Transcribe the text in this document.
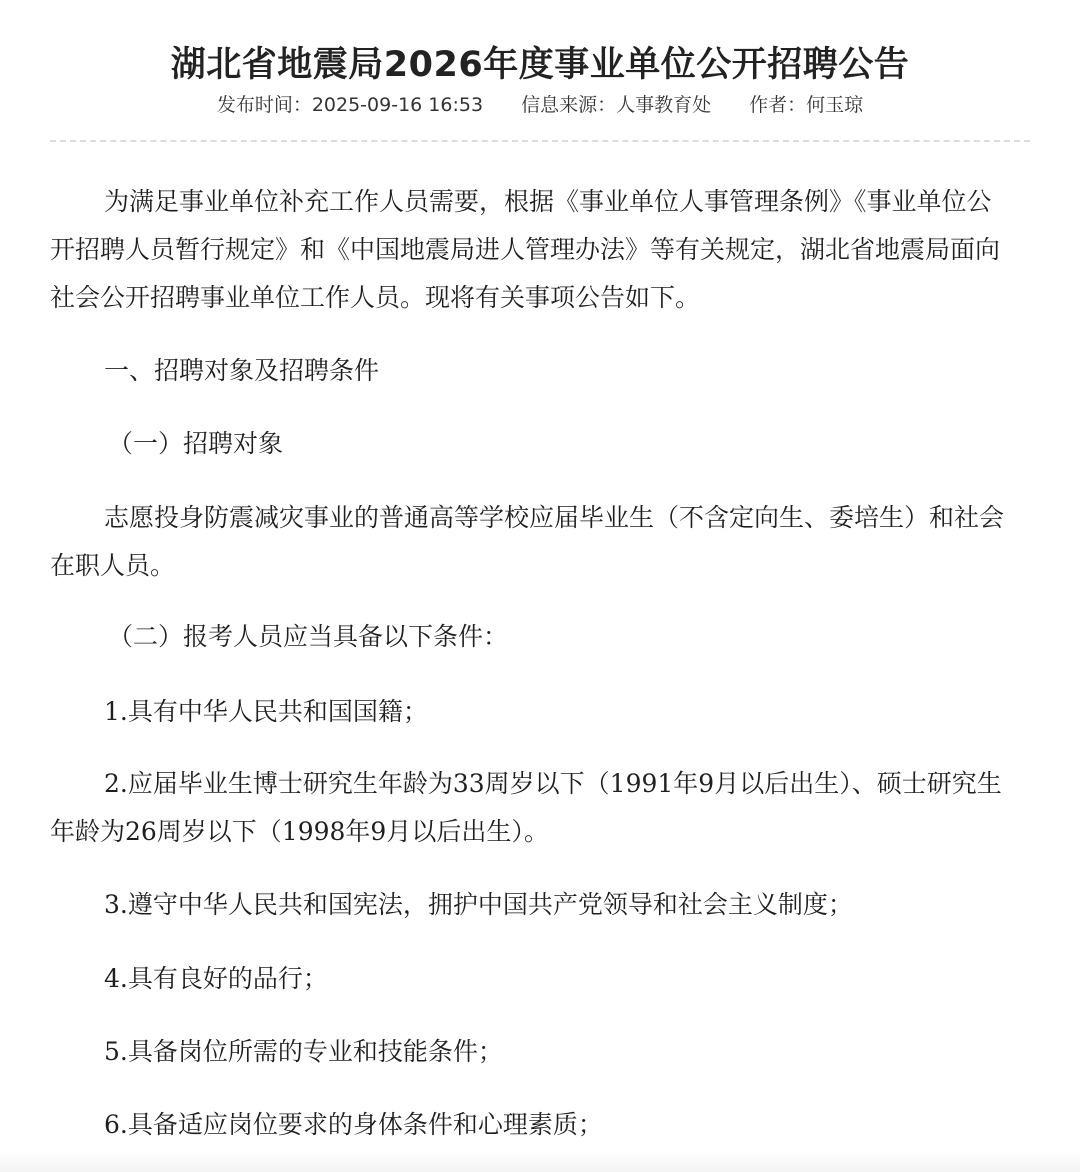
湖北省地震局2026年度事业单位公开招聘公告
发布时间：2025-09-16 16:53 信息来源：人事教育处 作者：何玉琼

为满足事业单位补充工作人员需要，根据《事业单位人事管理条例》《事业单位公开招聘人员暂行规定》和《中国地震局进人管理办法》等有关规定，湖北省地震局面向社会公开招聘事业单位工作人员。现将有关事项公告如下。

一、招聘对象及招聘条件

（一）招聘对象

志愿投身防震减灾事业的普通高等学校应届毕业生（不含定向生、委培生）和社会在职人员。

（二）报考人员应当具备以下条件：

1.具有中华人民共和国国籍；

2.应届毕业生博士研究生年龄为33周岁以下（1991年9月以后出生）、硕士研究生年龄为26周岁以下（1998年9月以后出生）。

3.遵守中华人民共和国宪法，拥护中国共产党领导和社会主义制度；

4.具有良好的品行；

5.具备岗位所需的专业和技能条件；

6.具备适应岗位要求的身体条件和心理素质；
